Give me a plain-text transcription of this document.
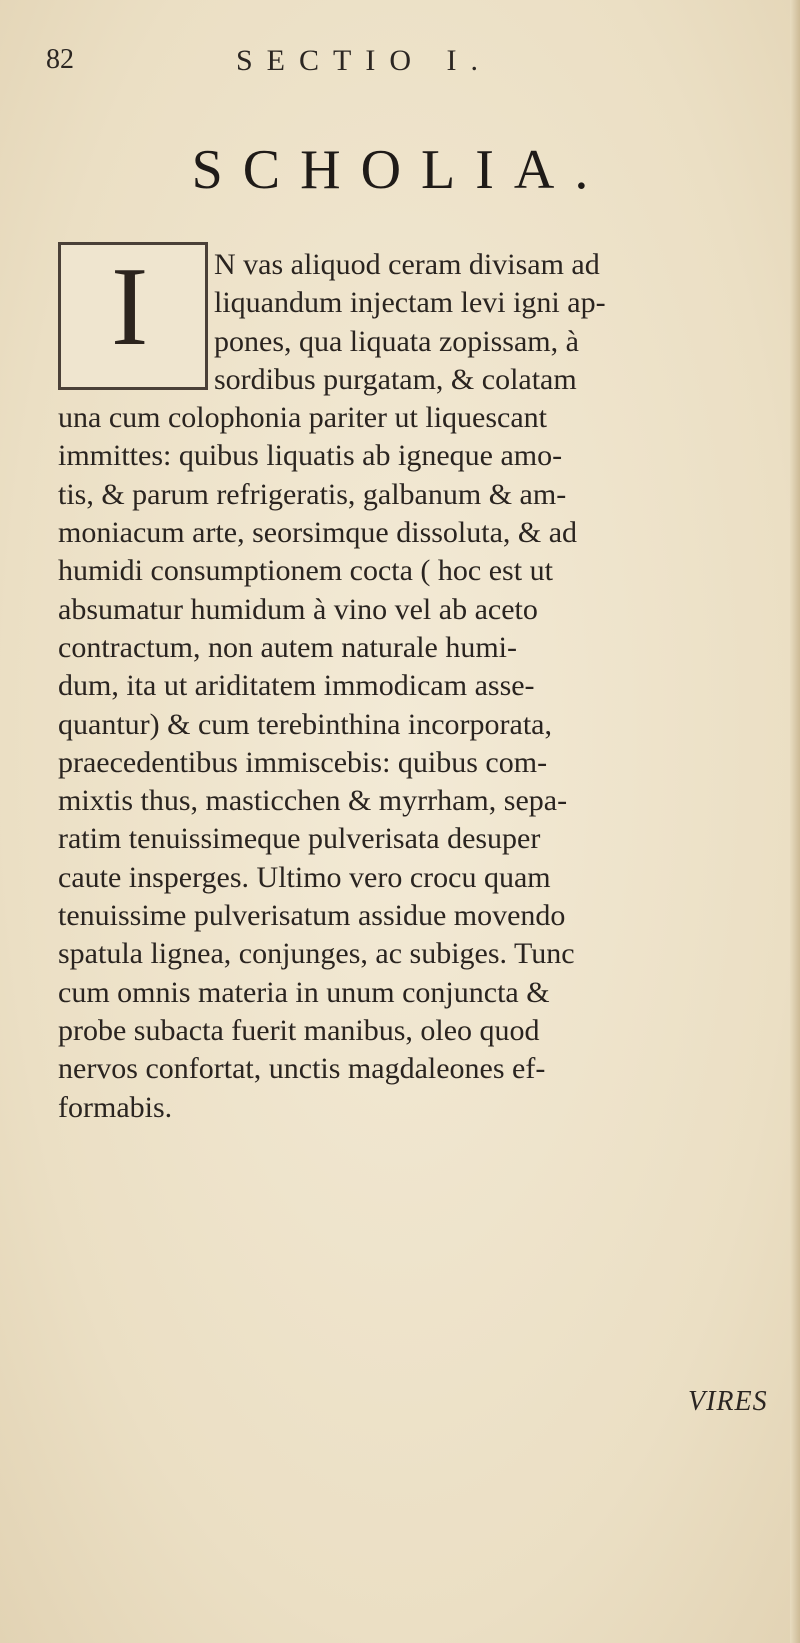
82	SECTIO I.
SCHOLIA.
I	N vas aliquod ceram divisam ad
liquandum injectam levi igni ap-
pones, qua liquata zopissam, à
sordibus purgatam, & colatam
una cum colophonia pariter ut liquescant
immittes: quibus liquatis ab igneque amo-
tis, & parum refrigeratis, galbanum & am-
moniacum arte, seorsimque dissoluta, & ad
humidi consumptionem cocta ( hoc est ut
absumatur humidum à vino vel ab aceto
contractum, non autem naturale humi-
dum, ita ut ariditatem immodicam asse-
quantur) & cum terebinthina incorporata,
praecedentibus immiscebis: quibus com-
mixtis thus, masticchen & myrrham, sepa-
ratim tenuissimeque pulverisata desuper
caute insperges. Ultimo vero crocu quam
tenuissime pulverisatum assidue movendo
spatula lignea, conjunges, ac subiges. Tunc
cum omnis materia in unum conjuncta &
probe subacta fuerit manibus, oleo quod
nervos confortat, unctis magdaleones ef-
formabis.
VIRES
